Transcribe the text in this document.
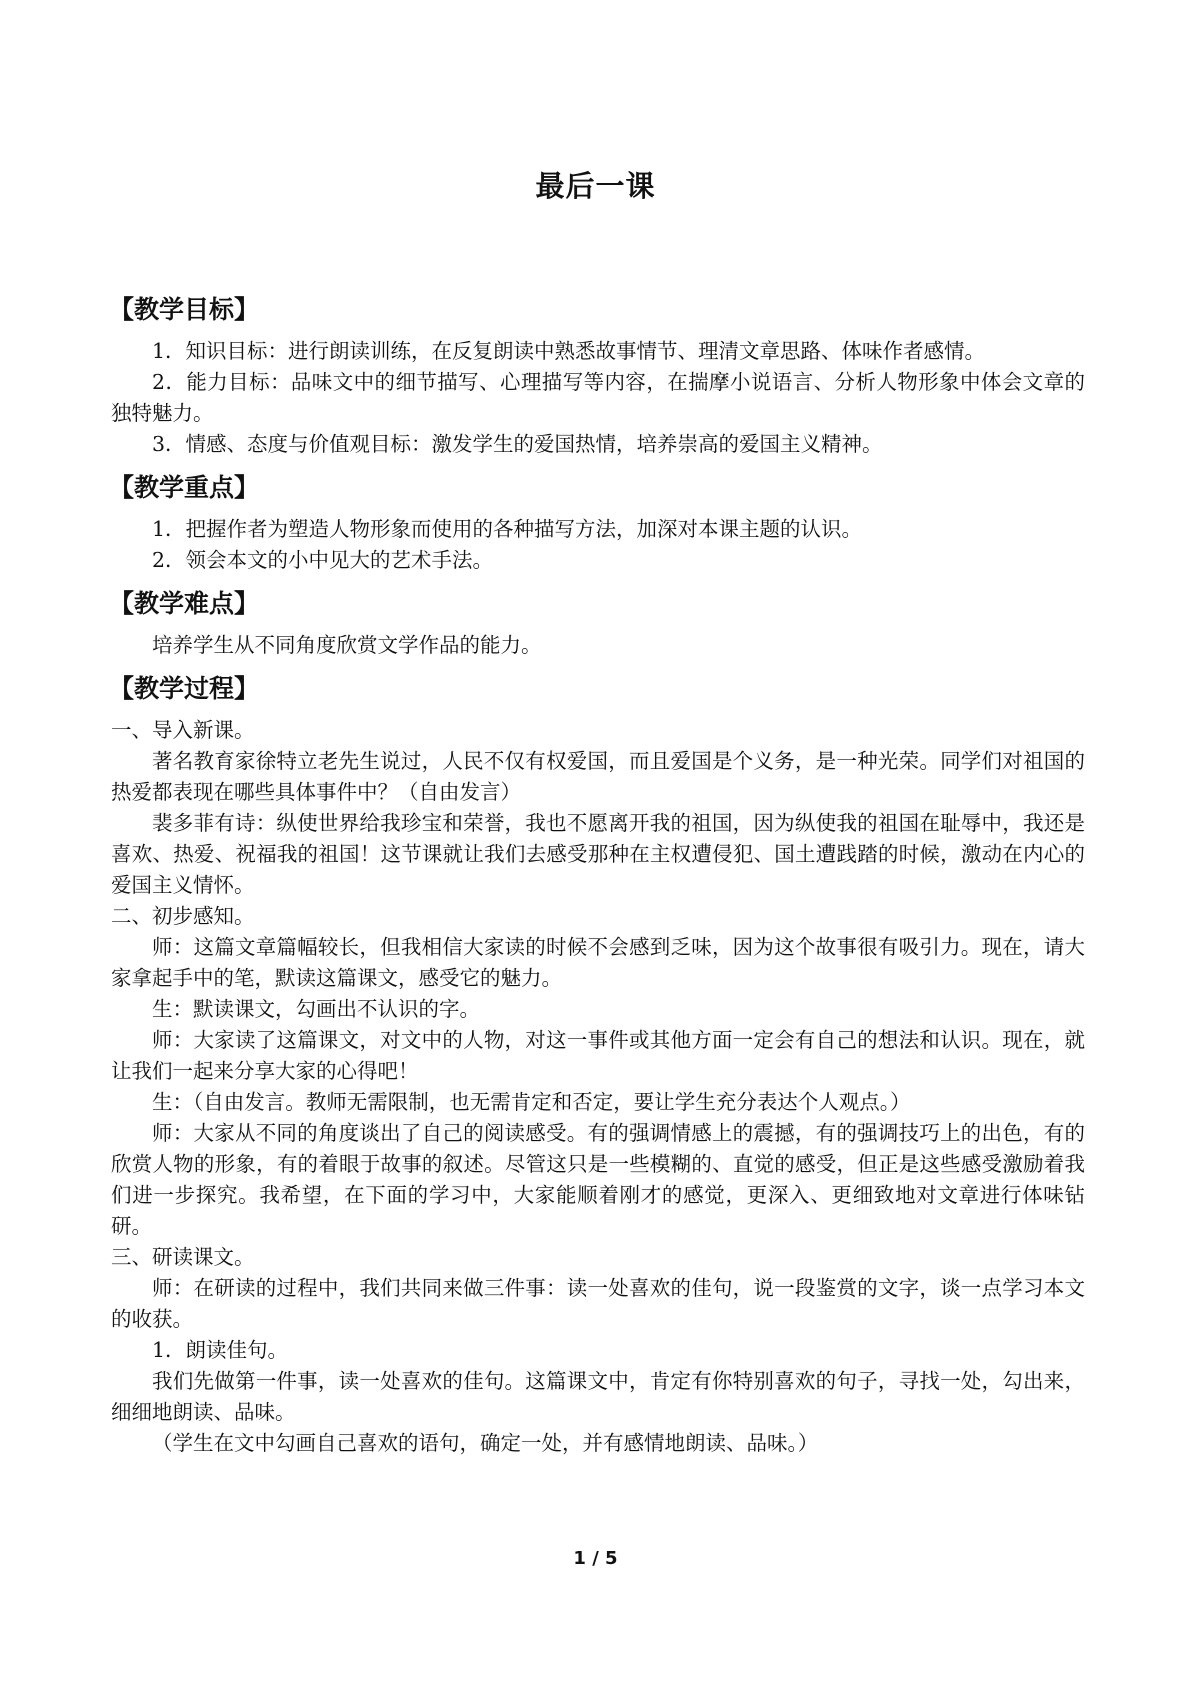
最后一课
【教学目标】

1．知识目标：进行朗读训练，在反复朗读中熟悉故事情节、理清文章思路、体味作者感情。

2．能力目标：品味文中的细节描写、心理描写等内容，在揣摩小说语言、分析人物形象中体会文章的独特魅力。

3．情感、态度与价值观目标：激发学生的爱国热情，培养崇高的爱国主义精神。

【教学重点】

1．把握作者为塑造人物形象而使用的各种描写方法，加深对本课主题的认识。

2．领会本文的小中见大的艺术手法。

【教学难点】

培养学生从不同角度欣赏文学作品的能力。

【教学过程】

一、导入新课。

著名教育家徐特立老先生说过，人民不仅有权爱国，而且爱国是个义务，是一种光荣。同学们对祖国的热爱都表现在哪些具体事件中？（自由发言）

裴多菲有诗：纵使世界给我珍宝和荣誉，我也不愿离开我的祖国，因为纵使我的祖国在耻辱中，我还是喜欢、热爱、祝福我的祖国！这节课就让我们去感受那种在主权遭侵犯、国土遭践踏的时候，激动在内心的爱国主义情怀。

二、初步感知。

师：这篇文章篇幅较长，但我相信大家读的时候不会感到乏味，因为这个故事很有吸引力。现在，请大家拿起手中的笔，默读这篇课文，感受它的魅力。

生：默读课文，勾画出不认识的字。

师：大家读了这篇课文，对文中的人物，对这一事件或其他方面一定会有自己的想法和认识。现在，就让我们一起来分享大家的心得吧！

生：（自由发言。教师无需限制，也无需肯定和否定，要让学生充分表达个人观点。）

师：大家从不同的角度谈出了自己的阅读感受。有的强调情感上的震撼，有的强调技巧上的出色，有的欣赏人物的形象，有的着眼于故事的叙述。尽管这只是一些模糊的、直觉的感受，但正是这些感受激励着我们进一步探究。我希望，在下面的学习中，大家能顺着刚才的感觉，更深入、更细致地对文章进行体味钻研。

三、研读课文。

师：在研读的过程中，我们共同来做三件事：读一处喜欢的佳句，说一段鉴赏的文字，谈一点学习本文的收获。

1．朗读佳句。

我们先做第一件事，读一处喜欢的佳句。这篇课文中，肯定有你特别喜欢的句子，寻找一处，勾出来，细细地朗读、品味。

（学生在文中勾画自己喜欢的语句，确定一处，并有感情地朗读、品味。）

1 / 5
